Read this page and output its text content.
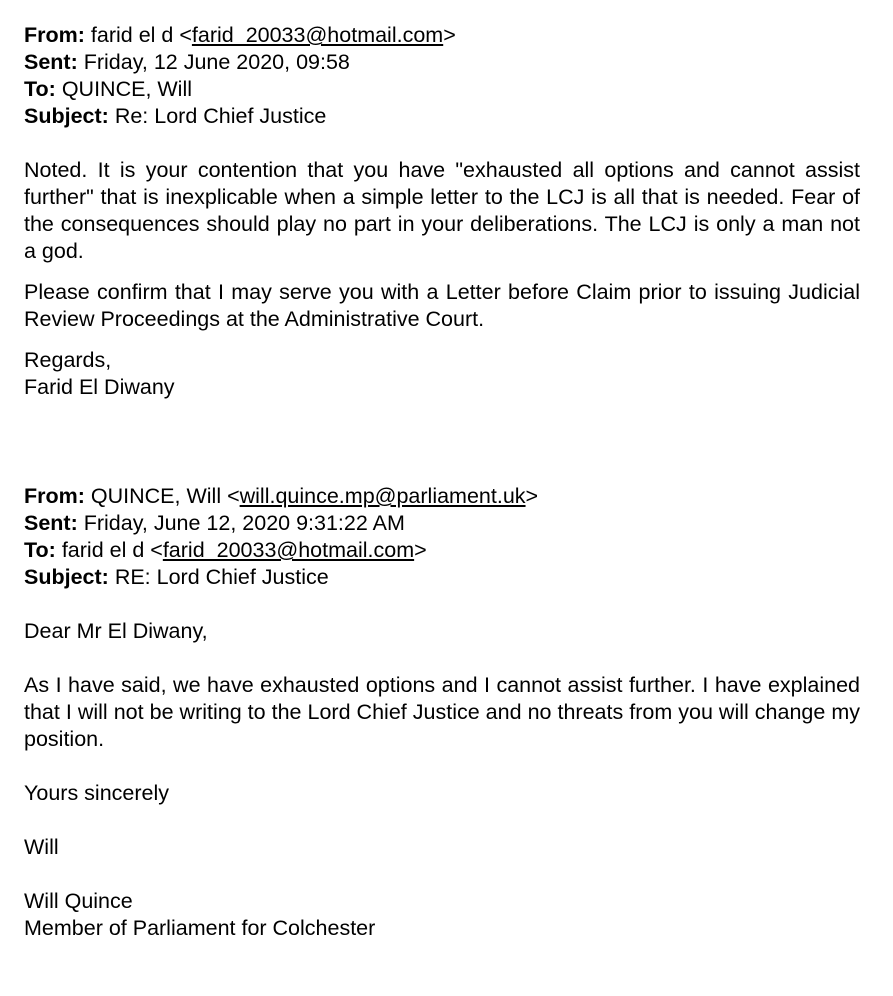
From: farid el d <farid_20033@hotmail.com>
Sent: Friday, 12 June 2020, 09:58
To: QUINCE, Will
Subject: Re: Lord Chief Justice

Noted. It is your contention that you have "exhausted all options and cannot assist further" that is inexplicable when a simple letter to the LCJ is all that is needed. Fear of the consequences should play no part in your deliberations. The LCJ is only a man not a god.

Please confirm that I may serve you with a Letter before Claim prior to issuing Judicial Review Proceedings at the Administrative Court.

Regards,

Farid El Diwany

From: QUINCE, Will <will.quince.mp@parliament.uk>
Sent: Friday, June 12, 2020 9:31:22 AM
To: farid el d <farid_20033@hotmail.com>
Subject: RE: Lord Chief Justice

Dear Mr El Diwany,

As I have said, we have exhausted options and I cannot assist further. I have explained that I will not be writing to the Lord Chief Justice and no threats from you will change my position.

Yours sincerely

Will

Will Quince

Member of Parliament for Colchester
